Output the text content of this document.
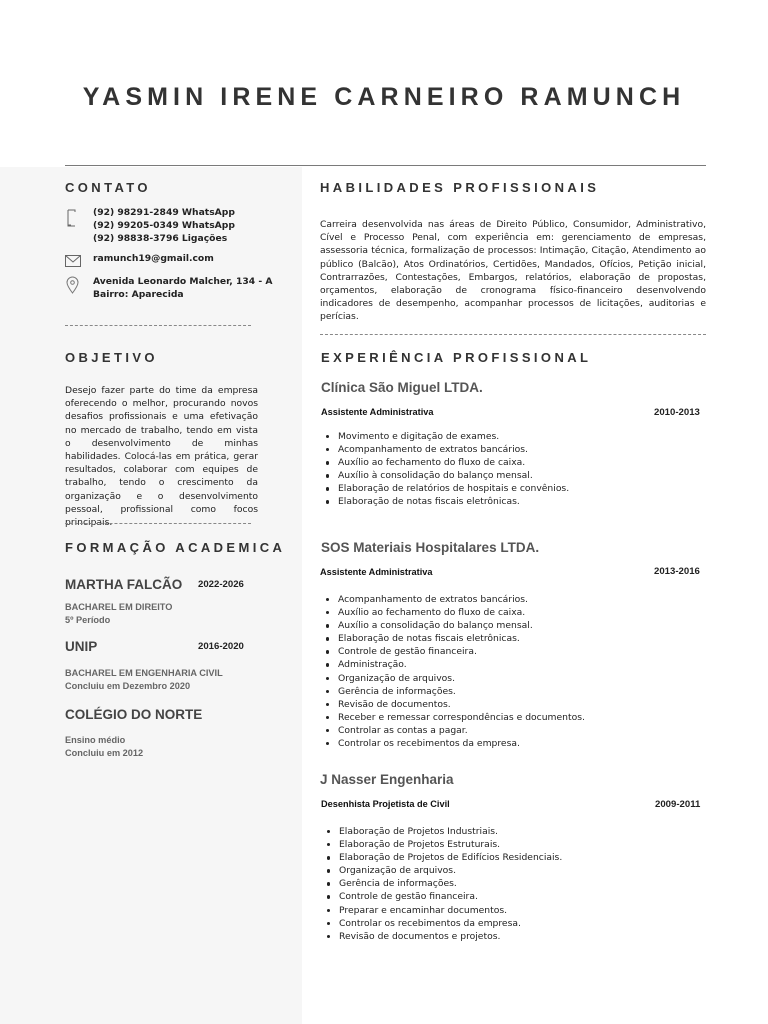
YASMIN IRENE CARNEIRO RAMUNCH
CONTATO
(92) 98291-2849 WhatsApp
(92) 99205-0349 WhatsApp
(92) 98838-3796 Ligações
ramunch19@gmail.com
Avenida Leonardo Malcher, 134 - A
Bairro: Aparecida
OBJETIVO

Desejo fazer parte do time da empresa oferecendo o melhor, procurando novos desafios profissionais e uma efetivação no mercado de trabalho, tendo em vista o desenvolvimento de minhas habilidades. Colocá-las em prática, gerar resultados, colaborar com equipes de trabalho, tendo o crescimento da organização e o desenvolvimento pessoal, profissional como focos principais.

FORMAÇÃO ACADEMICA
MARTHA FALCÃO 2022-2026
BACHAREL EM DIREITO
5º Período
UNIP	2016-2020
BACHAREL EM ENGENHARIA CIVIL
Concluiu em Dezembro 2020
COLÉGIO DO NORTE
Ensino médio
Concluiu em 2012
HABILIDADES PROFISSIONAIS

Carreira desenvolvida nas áreas de Direito Público, Consumidor, Administrativo, Cível e Processo Penal, com experiência em: gerenciamento de empresas, assessoria técnica, formalização de processos: Intimação, Citação, Atendimento ao público (Balcão), Atos Ordinatórios, Certidões, Mandados, Ofícios, Petição inicial, Contrarrazões, Contestações, Embargos, relatórios, elaboração de propostas, orçamentos, elaboração de cronograma físico-financeiro desenvolvendo indicadores de desempenho, acompanhar processos de licitações, auditorias e perícias.

EXPERIÊNCIA PROFISSIONAL
Clínica São Miguel LTDA.
Assistente Administrativa	2010-2013
Movimento e digitação de exames.
Acompanhamento de extratos bancários.
Auxílio ao fechamento do fluxo de caixa.
Auxílio à consolidação do balanço mensal.
Elaboração de relatórios de hospitais e convênios.
Elaboração de notas fiscais eletrônicas.
SOS Materiais Hospitalares LTDA.
Assistente Administrativa	2013-2016
Acompanhamento de extratos bancários.
Auxílio ao fechamento do fluxo de caixa.
Auxílio a consolidação do balanço mensal.
Elaboração de notas fiscais eletrônicas.
Controle de gestão financeira.
Administração.
Organização de arquivos.
Gerência de informações.
Revisão de documentos.
Receber e remessar correspondências e documentos.
Controlar as contas a pagar.
Controlar os recebimentos da empresa.
J Nasser Engenharia
Desenhista Projetista de Civil	2009-2011
Elaboração de Projetos Industriais.
Elaboração de Projetos Estruturais.
Elaboração de Projetos de Edifícios Residenciais.
Organização de arquivos.
Gerência de informações.
Controle de gestão financeira.
Preparar e encaminhar documentos.
Controlar os recebimentos da empresa.
Revisão de documentos e projetos.
